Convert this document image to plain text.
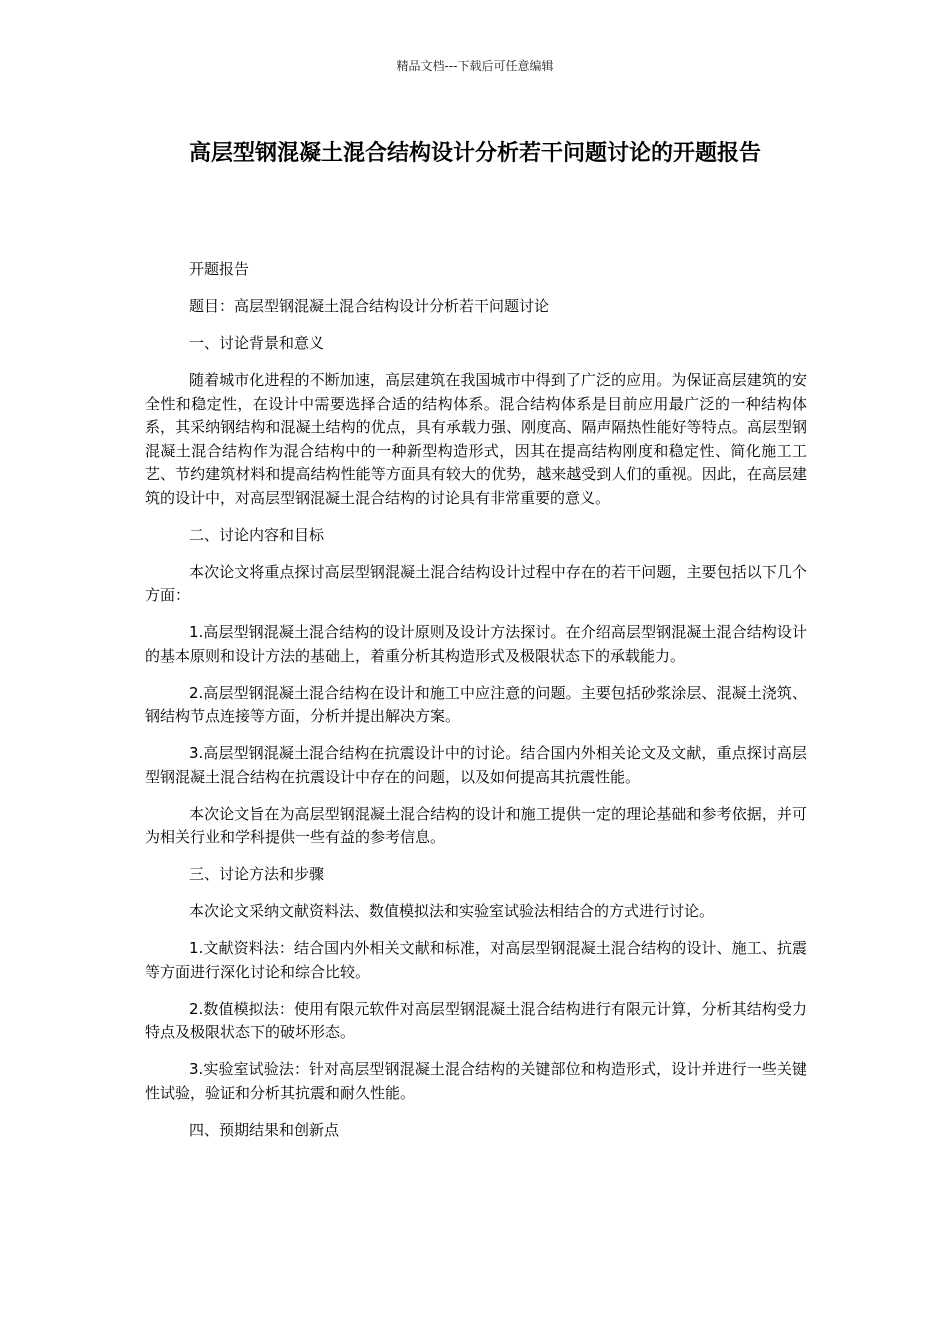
精品文档---下载后可任意编辑
高层型钢混凝土混合结构设计分析若干问题讨论的开题报告

开题报告

题目：高层型钢混凝土混合结构设计分析若干问题讨论

一、讨论背景和意义

随着城市化进程的不断加速，高层建筑在我国城市中得到了广泛的应用。为保证高层建筑的安全性和稳定性，在设计中需要选择合适的结构体系。混合结构体系是目前应用最广泛的一种结构体系，其采纳钢结构和混凝土结构的优点，具有承载力强、刚度高、隔声隔热性能好等特点。高层型钢混凝土混合结构作为混合结构中的一种新型构造形式，因其在提高结构刚度和稳定性、简化施工工艺、节约建筑材料和提高结构性能等方面具有较大的优势，越来越受到人们的重视。因此，在高层建筑的设计中，对高层型钢混凝土混合结构的讨论具有非常重要的意义。

二、讨论内容和目标

本次论文将重点探讨高层型钢混凝土混合结构设计过程中存在的若干问题，主要包括以下几个方面：

1.高层型钢混凝土混合结构的设计原则及设计方法探讨。在介绍高层型钢混凝土混合结构设计的基本原则和设计方法的基础上，着重分析其构造形式及极限状态下的承载能力。

2.高层型钢混凝土混合结构在设计和施工中应注意的问题。主要包括砂浆涂层、混凝土浇筑、钢结构节点连接等方面，分析并提出解决方案。

3.高层型钢混凝土混合结构在抗震设计中的讨论。结合国内外相关论文及文献，重点探讨高层型钢混凝土混合结构在抗震设计中存在的问题，以及如何提高其抗震性能。

本次论文旨在为高层型钢混凝土混合结构的设计和施工提供一定的理论基础和参考依据，并可为相关行业和学科提供一些有益的参考信息。

三、讨论方法和步骤

本次论文采纳文献资料法、数值模拟法和实验室试验法相结合的方式进行讨论。

1.文献资料法：结合国内外相关文献和标准，对高层型钢混凝土混合结构的设计、施工、抗震等方面进行深化讨论和综合比较。

2.数值模拟法：使用有限元软件对高层型钢混凝土混合结构进行有限元计算，分析其结构受力特点及极限状态下的破坏形态。

3.实验室试验法：针对高层型钢混凝土混合结构的关键部位和构造形式，设计并进行一些关键性试验，验证和分析其抗震和耐久性能。

四、预期结果和创新点
